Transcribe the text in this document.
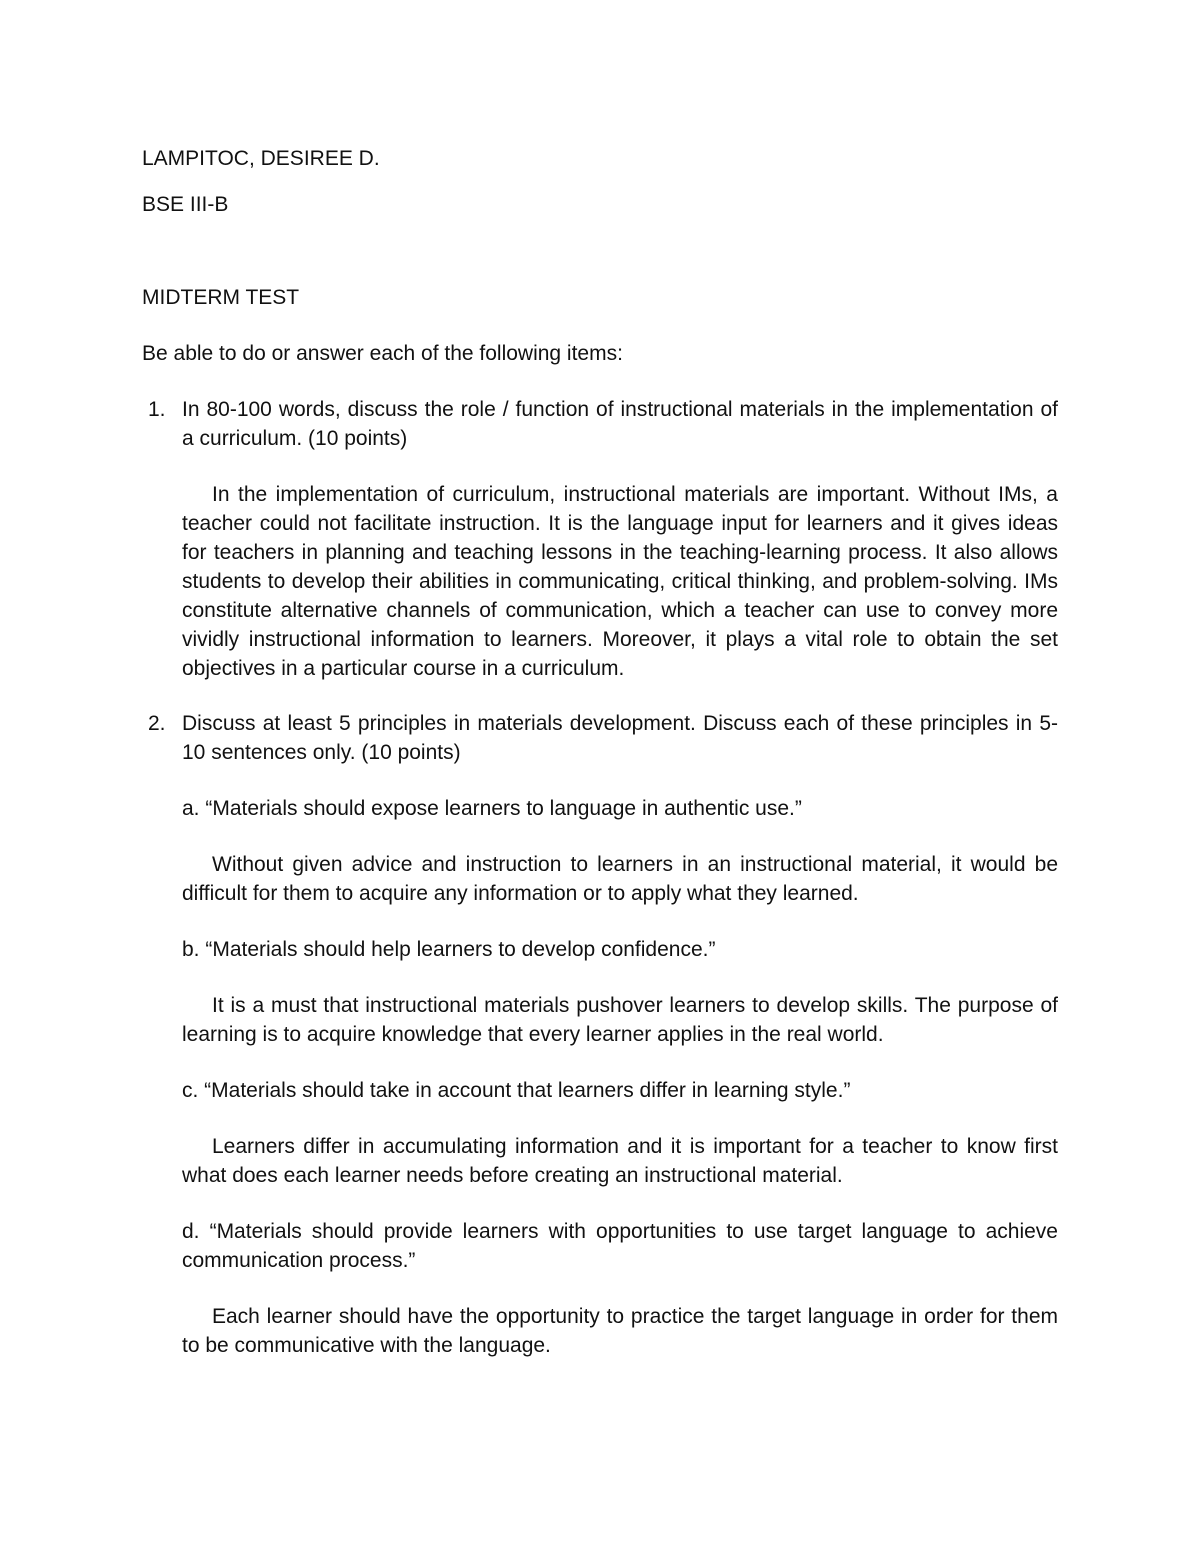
LAMPITOC, DESIREE D.
BSE III-B
MIDTERM TEST
Be able to do or answer each of the following items:
1. In 80-100 words, discuss the role / function of instructional materials in the implementation of a curriculum. (10 points)
In the implementation of curriculum, instructional materials are important. Without IMs, a teacher could not facilitate instruction. It is the language input for learners and it gives ideas for teachers in planning and teaching lessons in the teaching-learning process. It also allows students to develop their abilities in communicating, critical thinking, and problem-solving. IMs constitute alternative channels of communication, which a teacher can use to convey more vividly instructional information to learners. Moreover, it plays a vital role to obtain the set objectives in a particular course in a curriculum.
2. Discuss at least 5 principles in materials development. Discuss each of these principles in 5-10 sentences only. (10 points)
a. “Materials should expose learners to language in authentic use.”
Without given advice and instruction to learners in an instructional material, it would be difficult for them to acquire any information or to apply what they learned.
b. “Materials should help learners to develop confidence.”
It is a must that instructional materials pushover learners to develop skills. The purpose of learning is to acquire knowledge that every learner applies in the real world.
c. “Materials should take in account that learners differ in learning style.”
Learners differ in accumulating information and it is important for a teacher to know first what does each learner needs before creating an instructional material.
d. “Materials should provide learners with opportunities to use target language to achieve communication process.”
Each learner should have the opportunity to practice the target language in order for them to be communicative with the language.
